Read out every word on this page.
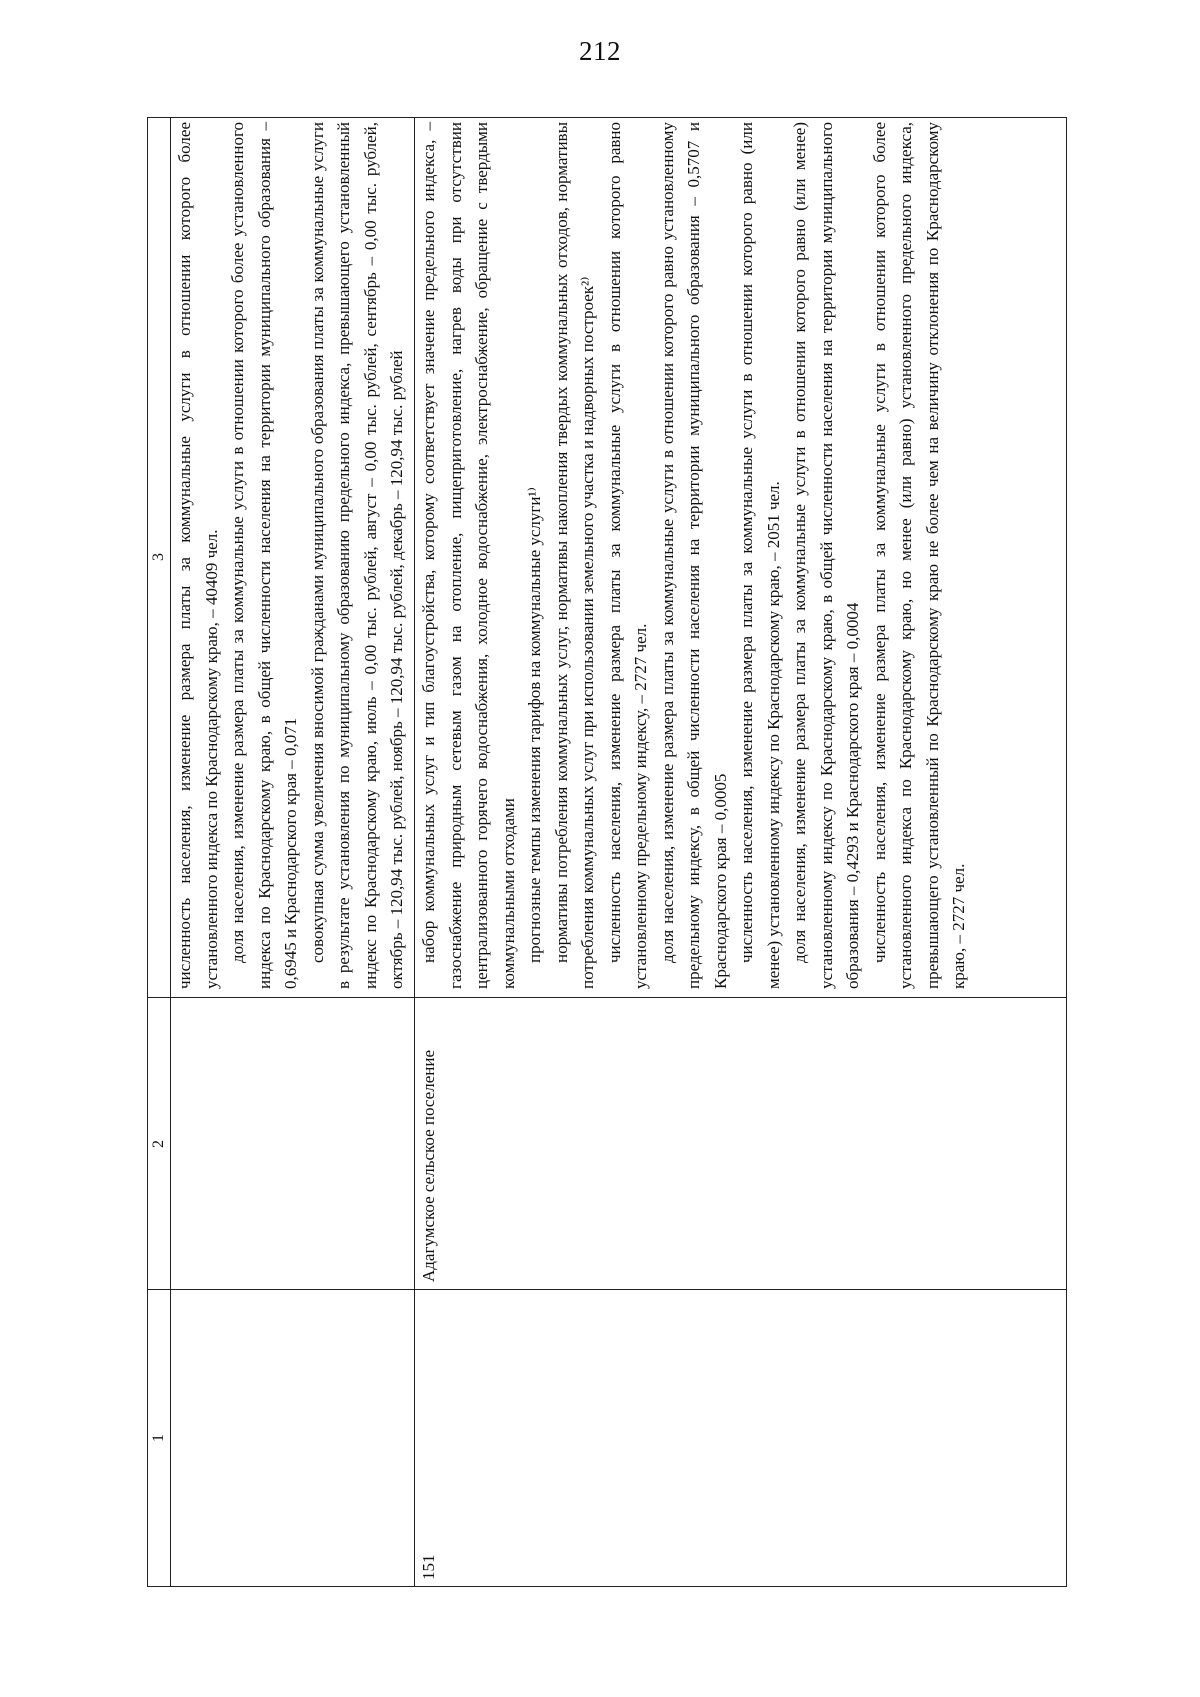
212
1
2
3 численность населения, изменение размера платы за коммунальные услуги в отношении которого более установленного индекса по Краснодарскому краю, – 40409 чел. доля населения, изменение размера платы за коммунальные услуги в отношении которого более установленного индекса по Краснодарскому краю, в общей численности населения на территории муниципального образования – 0,6945 и Краснодарского края – 0,071 совокупная сумма увеличения вносимой гражданами муниципального образования платы за коммунальные услуги в результате установления по муниципальному образованию предельного индекса, превышающего установленный индекс по Краснодарскому краю, июль – 0,00 тыс. рублей, август – 0,00 тыс. рублей, сентябрь – 0,00 тыс. рублей, октябрь – 120,94 тыс. рублей, ноябрь – 120,94 тыс. рублей, декабрь – 120,94 тыс. рублей

151
Адагумское сельское поселение

набор коммунальных услуг и тип благоустройства, которому соответствует значение предельного индекса, – газоснабжение природным сетевым газом на отопление, пищеприготовление, нагрев воды при отсутствии централизованного горячего водоснабжения, холодное водоснабжение, электроснабжение, обращение с твердыми коммунальными отходами прогнозные темпы изменения тарифов на коммунальные услуги¹⁾ нормативы потребления коммунальных услуг, нормативы накопления твердых коммунальных отходов, нормативы потребления коммунальных услуг при использовании земельного участка и надворных построек²⁾ численность населения, изменение размера платы за коммунальные услуги в отношении которого равно установленному предельному индексу, – 2727 чел. доля населения, изменение размера платы за коммунальные услуги в отношении которого равно установленному предельному индексу, в общей численности населения на территории муниципального образования – 0,5707 и Краснодарского края – 0,0005 численность населения, изменение размера платы за коммунальные услуги в отношении которого равно (или менее) установленному индексу по Краснодарскому краю, – 2051 чел. доля населения, изменение размера платы за коммунальные услуги в отношении которого равно (или менее) установленному индексу по Краснодарскому краю, в общей численности населения на территории муниципального образования – 0,4293 и Краснодарского края – 0,0004 численность населения, изменение размера платы за коммунальные услуги в отношении которого более установленного индекса по Краснодарскому краю, но менее (или равно) установленного предельного индекса, превышающего установленный по Краснодарскому краю не более чем на величину отклонения по Краснодарскому краю, – 2727 чел.
